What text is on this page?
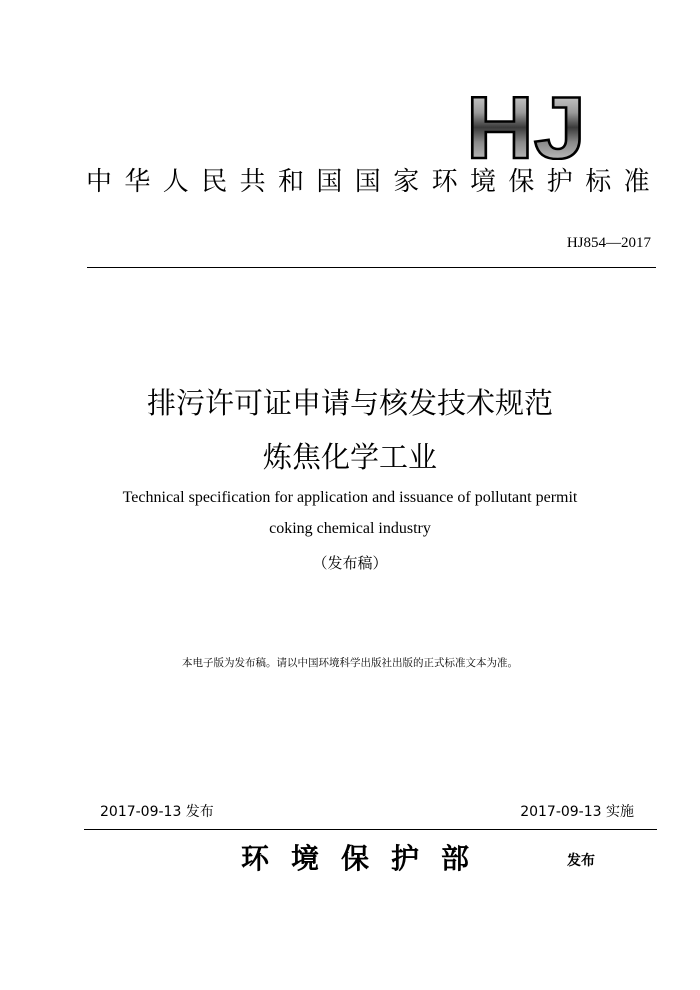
HJ
中华人民共和国国家环境保护标准
HJ854—2017
排污许可证申请与核发技术规范
炼焦化学工业
Technical specification for application and issuance of pollutant permit
coking chemical industry
（发布稿）
本电子版为发布稿。请以中国环境科学出版社出版的正式标准文本为准。
2017-09-13 发布	2017-09-13 实施
环境保护部	发布
